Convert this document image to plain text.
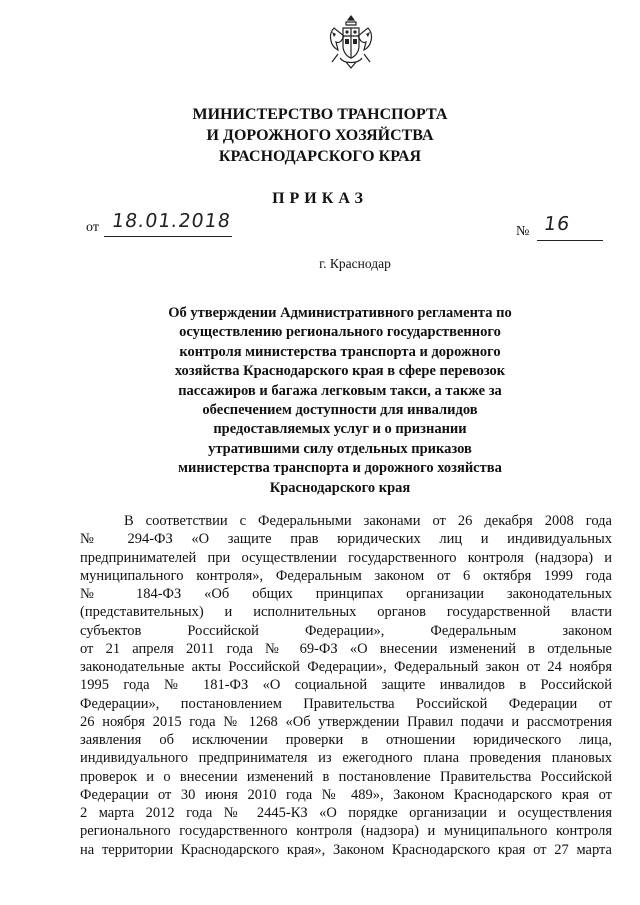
МИНИСТЕРСТВО ТРАНСПОРТА
И ДОРОЖНОГО ХОЗЯЙСТВА
КРАСНОДАРСКОГО КРАЯ
ПРИКАЗ
от 18.01.2018	№ 16
г. Краснодар
Об утверждении Административного регламента по
осуществлению регионального государственного
контроля министерства транспорта и дорожного
хозяйства Краснодарского края в сфере перевозок
пассажиров и багажа легковым такси, а также за
обеспечением доступности для инвалидов
предоставляемых услуг и о признании
утратившими силу отдельных приказов
министерства транспорта и дорожного хозяйства
Краснодарского края
В соответствии с Федеральными законами от 26 декабря 2008 года
№ 294-ФЗ «О защите прав юридических лиц и индивидуальных
предпринимателей при осуществлении государственного контроля (надзора) и
муниципального контроля», Федеральным законом от 6 октября 1999 года
№ 184-ФЗ «Об общих принципах организации законодательных
(представительных) и исполнительных органов государственной власти
субъектов Российской Федерации», Федеральным законом
от 21 апреля 2011 года № 69-ФЗ «О внесении изменений в отдельные
законодательные акты Российской Федерации», Федеральный закон от 24 ноября
1995 года № 181-ФЗ «О социальной защите инвалидов в Российской
Федерации», постановлением Правительства Российской Федерации от
26 ноября 2015 года № 1268 «Об утверждении Правил подачи и рассмотрения
заявления об исключении проверки в отношении юридического лица,
индивидуального предпринимателя из ежегодного плана проведения плановых
проверок и о внесении изменений в постановление Правительства Российской
Федерации от 30 июня 2010 года № 489», Законом Краснодарского края от
2 марта 2012 года № 2445-КЗ «О порядке организации и осуществления
регионального государственного контроля (надзора) и муниципального контроля
на территории Краснодарского края», Законом Краснодарского края от 27 марта
